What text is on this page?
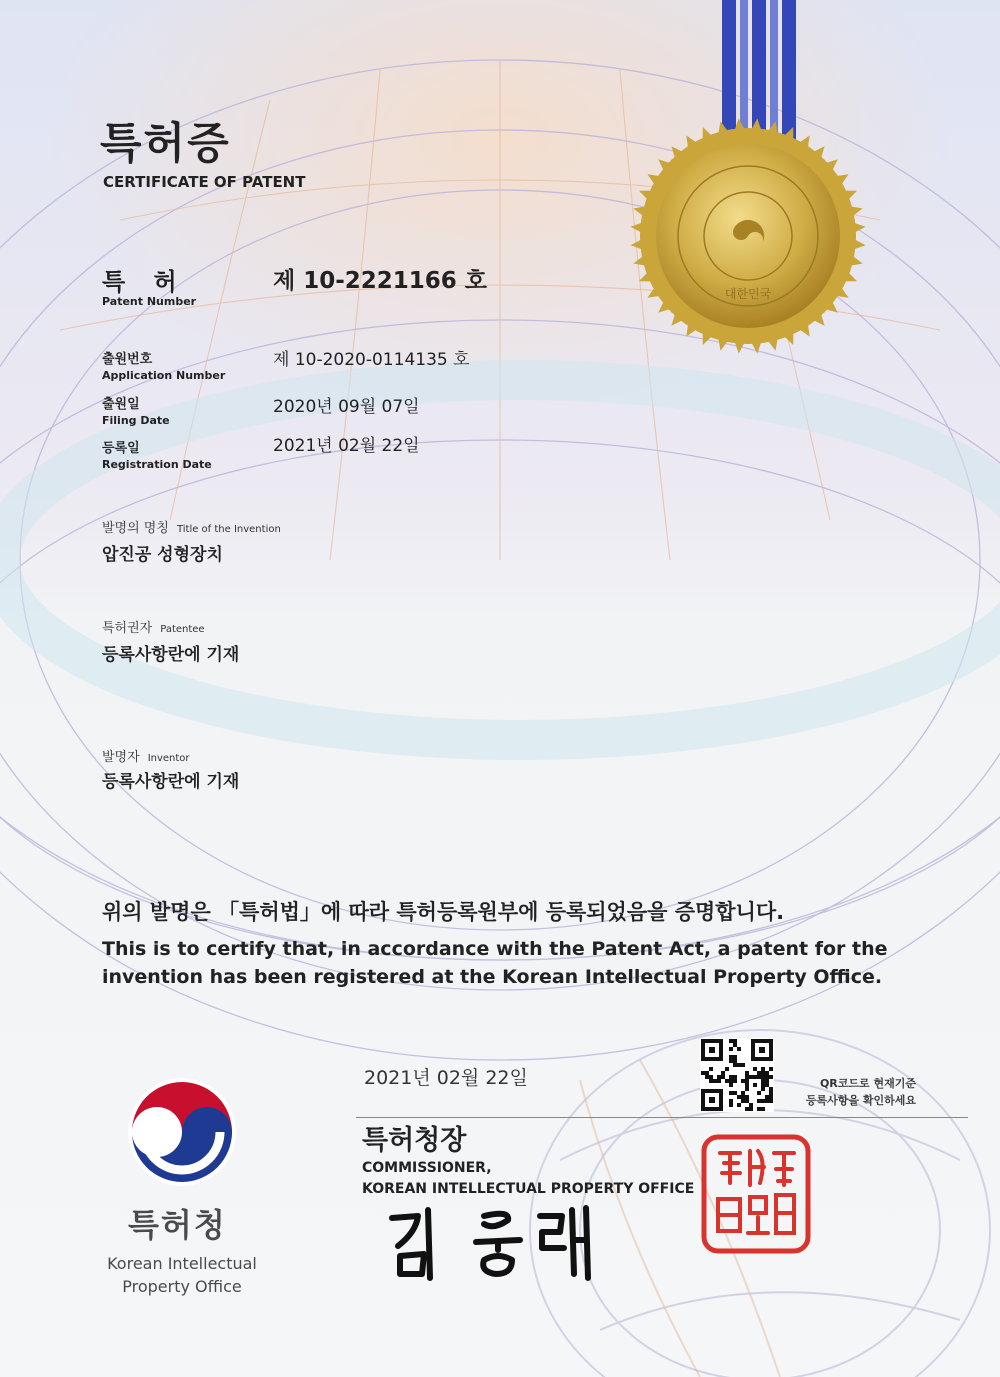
대한민국
특허증
CERTIFICATE OF PATENT
특 허
Patent Number
제 10-2221166 호
출원번호
Application Number
제 10-2020-0114135 호
출원일
Filing Date
2020년 09월 07일
등록일
Registration Date
2021년 02월 22일
발명의 명칭 Title of the Invention
압진공 성형장치
특허권자 Patentee
등록사항란에 기재
발명자 Inventor
등록사항란에 기재
위의 발명은 「특허법」에 따라 특허등록원부에 등록되었음을 증명합니다.
This is to certify that, in accordance with the Patent Act, a patent for the invention has been registered at the Korean Intellectual Property Office.
2021년 02월 22일
특허청장
COMMISSIONER,
KOREAN INTELLECTUAL PROPERTY OFFICE
QR코드로 현재기준
등록사항을 확인하세요
특허청
Korean Intellectual
Property Office
